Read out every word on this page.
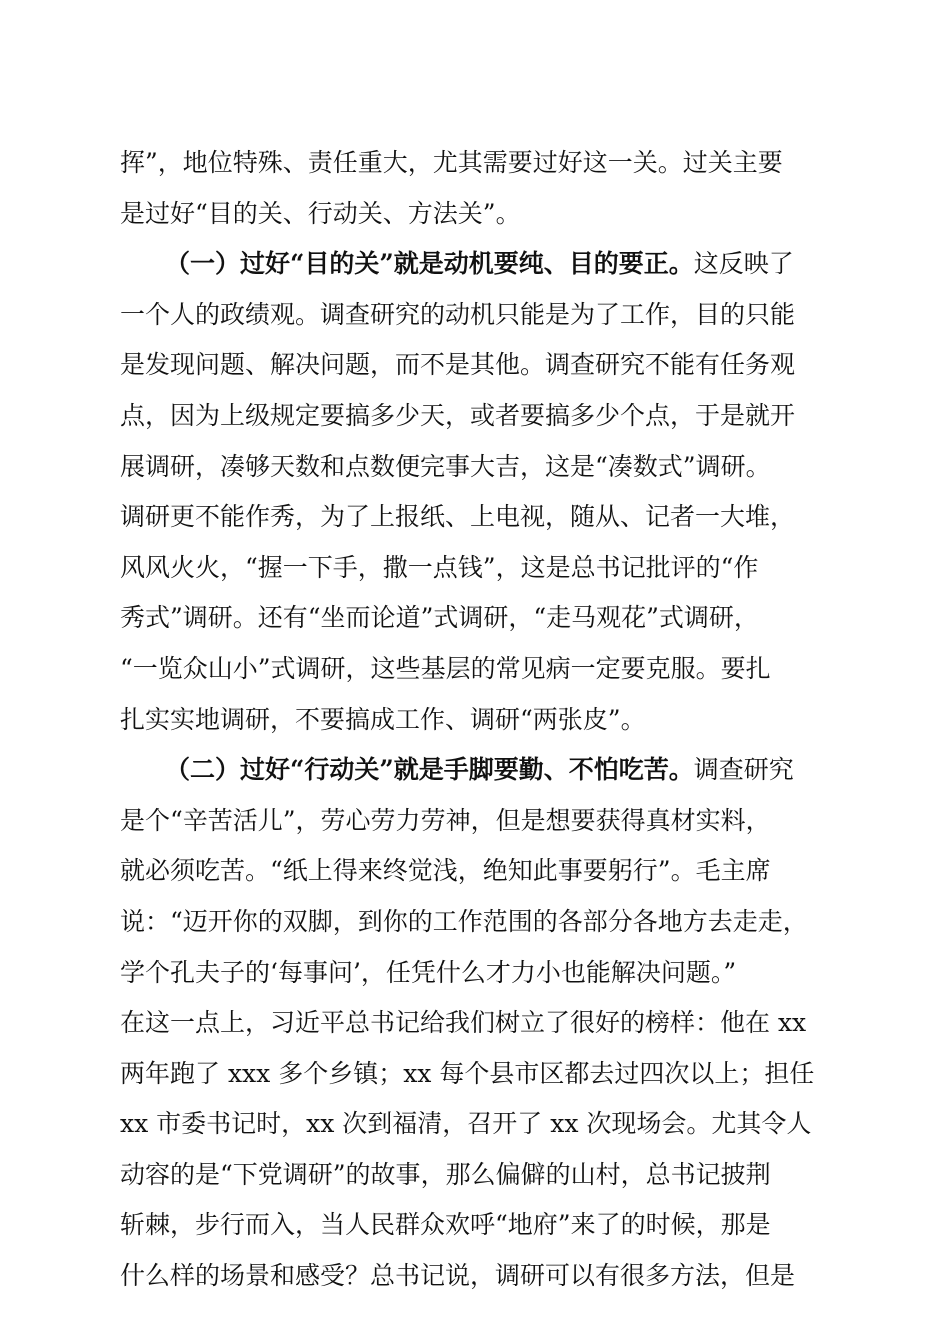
挥”，地位特殊、责任重大，尤其需要过好这一关。过关主要
是过好“目的关、行动关、方法关”。
（一）过好“目的关”就是动机要纯、目的要正。这反映了
一个人的政绩观。调查研究的动机只能是为了工作，目的只能
是发现问题、解决问题，而不是其他。调查研究不能有任务观
点，因为上级规定要搞多少天，或者要搞多少个点，于是就开
展调研，凑够天数和点数便完事大吉，这是“凑数式”调研。
调研更不能作秀，为了上报纸、上电视，随从、记者一大堆，
风风火火，“握一下手，撒一点钱”，这是总书记批评的“作
秀式”调研。还有“坐而论道”式调研，“走马观花”式调研，
“一览众山小”式调研，这些基层的常见病一定要克服。要扎
扎实实地调研，不要搞成工作、调研“两张皮”。
（二）过好“行动关”就是手脚要勤、不怕吃苦。调查研究
是个“辛苦活儿”，劳心劳力劳神，但是想要获得真材实料，
就必须吃苦。“纸上得来终觉浅，绝知此事要躬行”。毛主席
说：“迈开你的双脚，到你的工作范围的各部分各地方去走走，
学个孔夫子的‘每事问’，任凭什么才力小也能解决问题。”
在这一点上，习近平总书记给我们树立了很好的榜样：他在 xx
两年跑了 xxx 多个乡镇；xx 每个县市区都去过四次以上；担任
xx 市委书记时，xx 次到福清，召开了 xx 次现场会。尤其令人
动容的是“下党调研”的故事，那么偏僻的山村，总书记披荆
斩棘，步行而入，当人民群众欢呼“地府”来了的时候，那是
什么样的场景和感受？总书记说，调研可以有很多方法，但是
